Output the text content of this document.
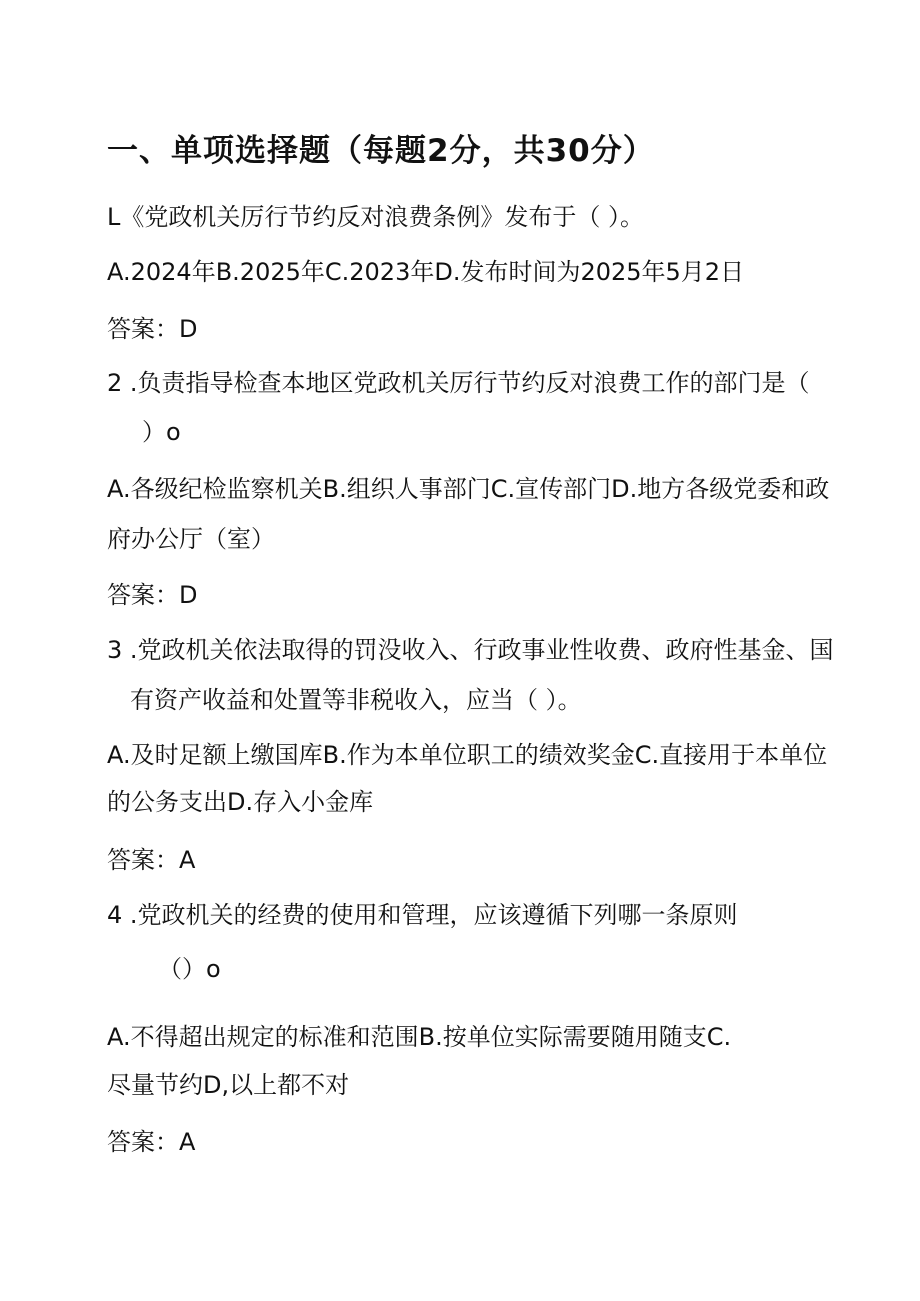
一、单项选择题（每题2分，共30分）
L《党政机关厉行节约反对浪费条例》发布于（ ）。
A.2024年B.2025年C.2023年D.发布时间为2025年5月2日
答案：D
2 .负责指导检查本地区党政机关厉行节约反对浪费工作的部门是（
）o
A.各级纪检监察机关B.组织人事部门C.宣传部门D.地方各级党委和政
府办公厅（室）
答案：D
3 .党政机关依法取得的罚没收入、行政事业性收费、政府性基金、国
有资产收益和处置等非税收入，应当（ ）。
A.及时足额上缴国库B.作为本单位职工的绩效奖金C.直接用于本单位
的公务支出D.存入小金库
答案：A
4 .党政机关的经费的使用和管理，应该遵循下列哪一条原则
（）o
A.不得超出规定的标准和范围B.按单位实际需要随用随支C.
尽量节约D,以上都不对
答案：A
